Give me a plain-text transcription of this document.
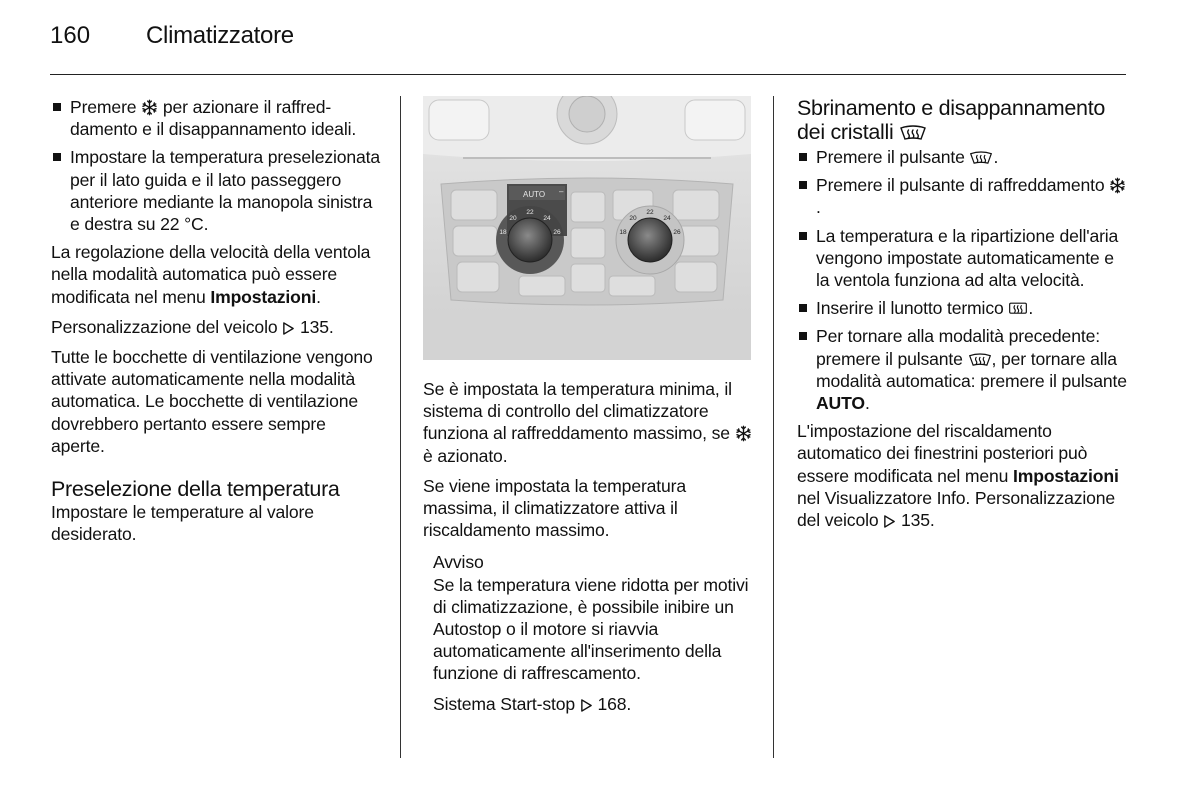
160	Climatizzatore
Premere  per azionare il raffred-damento e il disappannamento ideali.
Impostare la temperatura preselezionata per il lato guida e il lato passeggero anteriore mediante la manopola sinistra e destra su 22 °C.

La regolazione della velocità della ventola nella modalità automatica può essere modificata nel menu Impostazioni.

Personalizzazione del veicolo  135.

Tutte le bocchette di ventilazione vengono attivate automaticamente nella modalità automatica. Le bocchette di ventilazione dovrebbero pertanto essere sempre aperte.

Preselezione della temperatura

Impostare le temperature al valore desiderato.

AUTO –
22
20	24
18	26
22
20	24
18	26

Se è impostata la temperatura minima, il sistema di controllo del climatizzatore funziona al raffreddamento massimo, se  è azionato.

Se viene impostata la temperatura massima, il climatizzatore attiva il riscaldamento massimo.

Avviso

Se la temperatura viene ridotta per motivi di climatizzazione, è possibile inibire un Autostop o il motore si riavvia automaticamente all'inserimento della funzione di raffrescamento.

Sistema Start-stop  168.

Sbrinamento e disappannamento dei cristalli
Premere il pulsante .
Premere il pulsante di raffreddamento .
La temperatura e la ripartizione dell'aria vengono impostate automaticamente e la ventola funziona ad alta velocità.
Inserire il lunotto termico .
Per tornare alla modalità precedente: premere il pulsante , per tornare alla modalità automatica: premere il pulsante AUTO.

L'impostazione del riscaldamento automatico dei finestrini posteriori può essere modificata nel menu Impostazioni nel Visualizzatore Info. Personalizzazione del veicolo  135.
